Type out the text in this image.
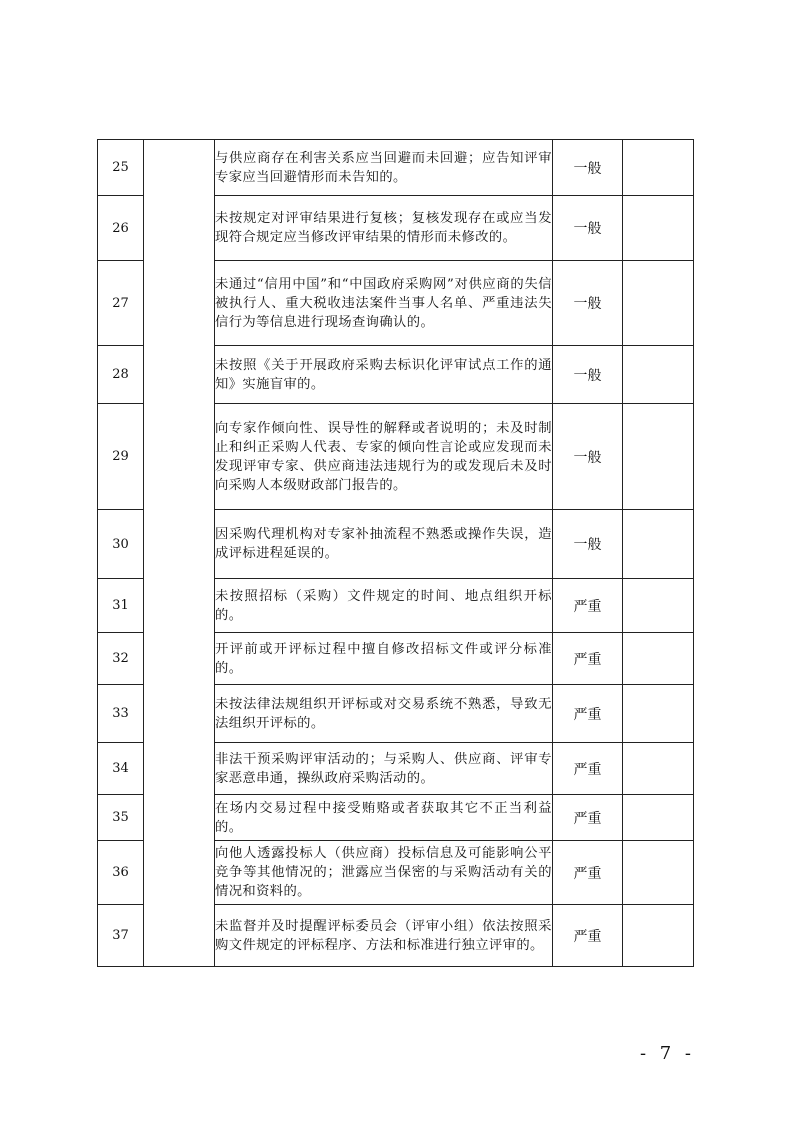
25		与供应商存在利害关系应当回避而未回避；应告知评审专家应当回避情形而未告知的。	一般	
26		未按规定对评审结果进行复核；复核发现存在或应当发现符合规定应当修改评审结果的情形而未修改的。	一般	
27		未通过“信用中国”和“中国政府采购网”对供应商的失信被执行人、重大税收违法案件当事人名单、严重违法失信行为等信息进行现场查询确认的。	一般	
28		未按照《关于开展政府采购去标识化评审试点工作的通知》实施盲审的。	一般	
29		向专家作倾向性、误导性的解释或者说明的；未及时制止和纠正采购人代表、专家的倾向性言论或应发现而未发现评审专家、供应商违法违规行为的或发现后未及时向采购人本级财政部门报告的。	一般	
30		因采购代理机构对专家补抽流程不熟悉或操作失误，造成评标进程延误的。	一般	
31		未按照招标（采购）文件规定的时间、地点组织开标的。	严重	
32		开评前或开评标过程中擅自修改招标文件或评分标准的。	严重	
33		未按法律法规组织开评标或对交易系统不熟悉，导致无法组织开评标的。	严重	
34		非法干预采购评审活动的；与采购人、供应商、评审专家恶意串通，操纵政府采购活动的。	严重	
35		在场内交易过程中接受贿赂或者获取其它不正当利益的。	严重	
36		向他人透露投标人（供应商）投标信息及可能影响公平竞争等其他情况的；泄露应当保密的与采购活动有关的情况和资料的。	严重	
37		未监督并及时提醒评标委员会（评审小组）依法按照采购文件规定的评标程序、方法和标准进行独立评审的。	严重	
- 7 -
